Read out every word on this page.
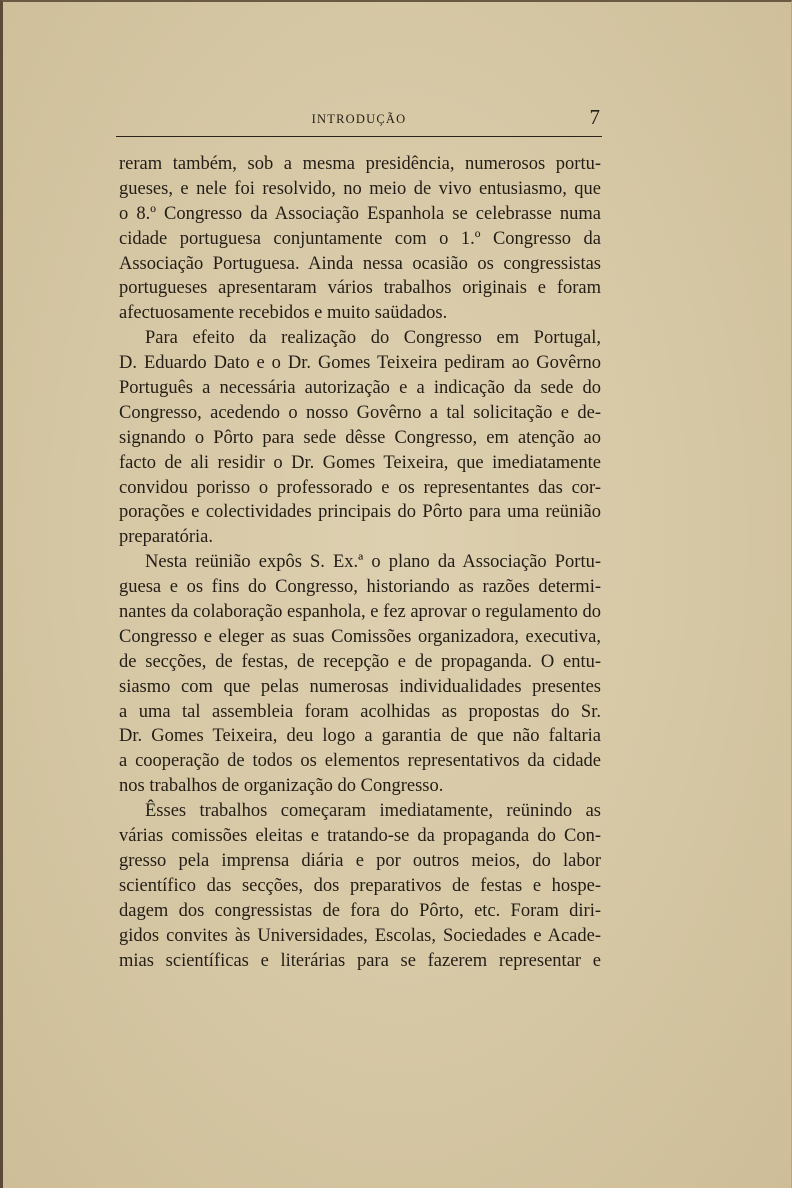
INTRODUÇÃO	7
reram também, sob a mesma presidência, numerosos portu-
gueses, e nele foi resolvido, no meio de vivo entusiasmo, que
o 8.º Congresso da Associação Espanhola se celebrasse numa
cidade portuguesa conjuntamente com o 1.º Congresso da
Associação Portuguesa. Ainda nessa ocasião os congressistas
portugueses apresentaram vários trabalhos originais e foram
afectuosamente recebidos e muito saüdados.
Para efeito da realização do Congresso em Portugal,
D. Eduardo Dato e o Dr. Gomes Teixeira pediram ao Govêrno
Português a necessária autorização e a indicação da sede do
Congresso, acedendo o nosso Govêrno a tal solicitação e de-
signando o Pôrto para sede dêsse Congresso, em atenção ao
facto de ali residir o Dr. Gomes Teixeira, que imediatamente
convidou porisso o professorado e os representantes das cor-
porações e colectividades principais do Pôrto para uma reünião
preparatória.
Nesta reünião expôs S. Ex.ª o plano da Associação Portu-
guesa e os fins do Congresso, historiando as razões determi-
nantes da colaboração espanhola, e fez aprovar o regulamento do
Congresso e eleger as suas Comissões organizadora, executiva,
de secções, de festas, de recepção e de propaganda. O entu-
siasmo com que pelas numerosas individualidades presentes
a uma tal assembleia foram acolhidas as propostas do Sr.
Dr. Gomes Teixeira, deu logo a garantia de que não faltaria
a cooperação de todos os elementos representativos da cidade
nos trabalhos de organização do Congresso.
Êsses trabalhos começaram imediatamente, reünindo as
várias comissões eleitas e tratando-se da propaganda do Con-
gresso pela imprensa diária e por outros meios, do labor
scientífico das secções, dos preparativos de festas e hospe-
dagem dos congressistas de fora do Pôrto, etc. Foram diri-
gidos convites às Universidades, Escolas, Sociedades e Acade-
mias scientíficas e literárias para se fazerem representar e
